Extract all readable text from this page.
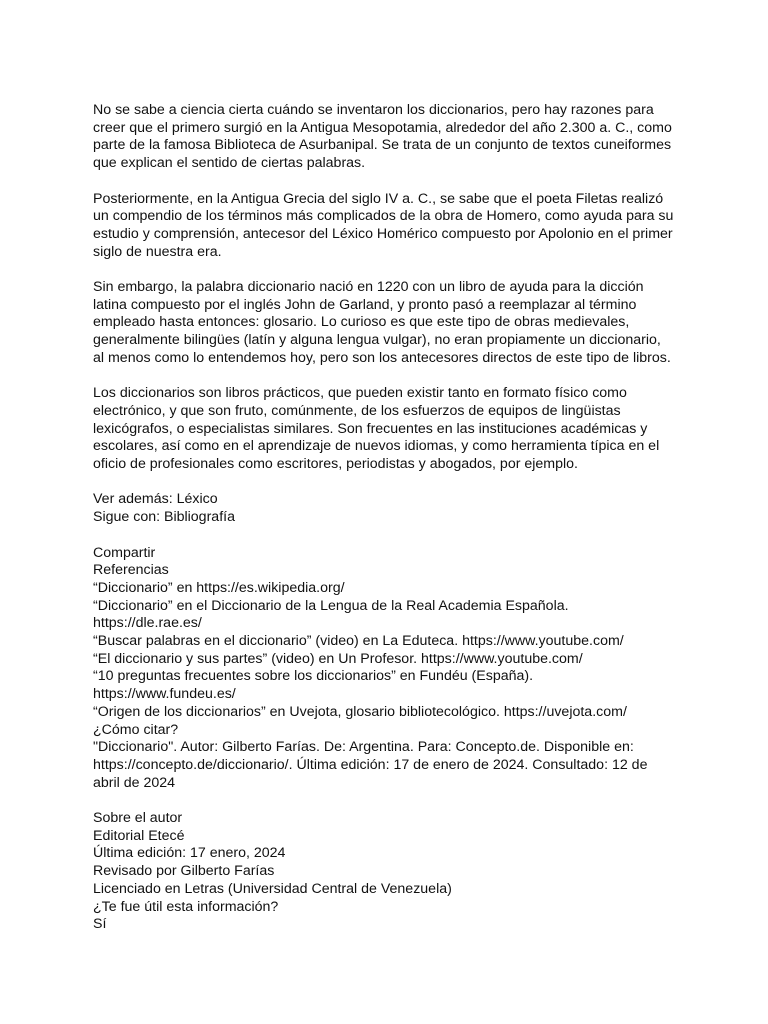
No se sabe a ciencia cierta cuándo se inventaron los diccionarios, pero hay razones para
creer que el primero surgió en la Antigua Mesopotamia, alrededor del año 2.300 a. C., como
parte de la famosa Biblioteca de Asurbanipal. Se trata de un conjunto de textos cuneiformes
que explican el sentido de ciertas palabras.

Posteriormente, en la Antigua Grecia del siglo IV a. C., se sabe que el poeta Filetas realizó
un compendio de los términos más complicados de la obra de Homero, como ayuda para su
estudio y comprensión, antecesor del Léxico Homérico compuesto por Apolonio en el primer
siglo de nuestra era.

Sin embargo, la palabra diccionario nació en 1220 con un libro de ayuda para la dicción
latina compuesto por el inglés John de Garland, y pronto pasó a reemplazar al término
empleado hasta entonces: glosario. Lo curioso es que este tipo de obras medievales,
generalmente bilingües (latín y alguna lengua vulgar), no eran propiamente un diccionario,
al menos como lo entendemos hoy, pero son los antecesores directos de este tipo de libros.

Los diccionarios son libros prácticos, que pueden existir tanto en formato físico como
electrónico, y que son fruto, comúnmente, de los esfuerzos de equipos de lingüistas
lexicógrafos, o especialistas similares. Son frecuentes en las instituciones académicas y
escolares, así como en el aprendizaje de nuevos idiomas, y como herramienta típica en el
oficio de profesionales como escritores, periodistas y abogados, por ejemplo.

Ver además: Léxico
Sigue con: Bibliografía
Compartir
Referencias
“Diccionario” en https://es.wikipedia.org/
“Diccionario” en el Diccionario de la Lengua de la Real Academia Española.
https://dle.rae.es/
“Buscar palabras en el diccionario” (video) en La Eduteca. https://www.youtube.com/
“El diccionario y sus partes” (video) en Un Profesor. https://www.youtube.com/
“10 preguntas frecuentes sobre los diccionarios” en Fundéu (España).
https://www.fundeu.es/
“Origen de los diccionarios” en Uvejota, glosario bibliotecológico. https://uvejota.com/
¿Cómo citar?
"Diccionario". Autor: Gilberto Farías. De: Argentina. Para: Concepto.de. Disponible en:
https://concepto.de/diccionario/. Última edición: 17 de enero de 2024. Consultado: 12 de
abril de 2024
Sobre el autor
Editorial Etecé
Última edición: 17 enero, 2024
Revisado por Gilberto Farías
Licenciado en Letras (Universidad Central de Venezuela)
¿Te fue útil esta información?
Sí
